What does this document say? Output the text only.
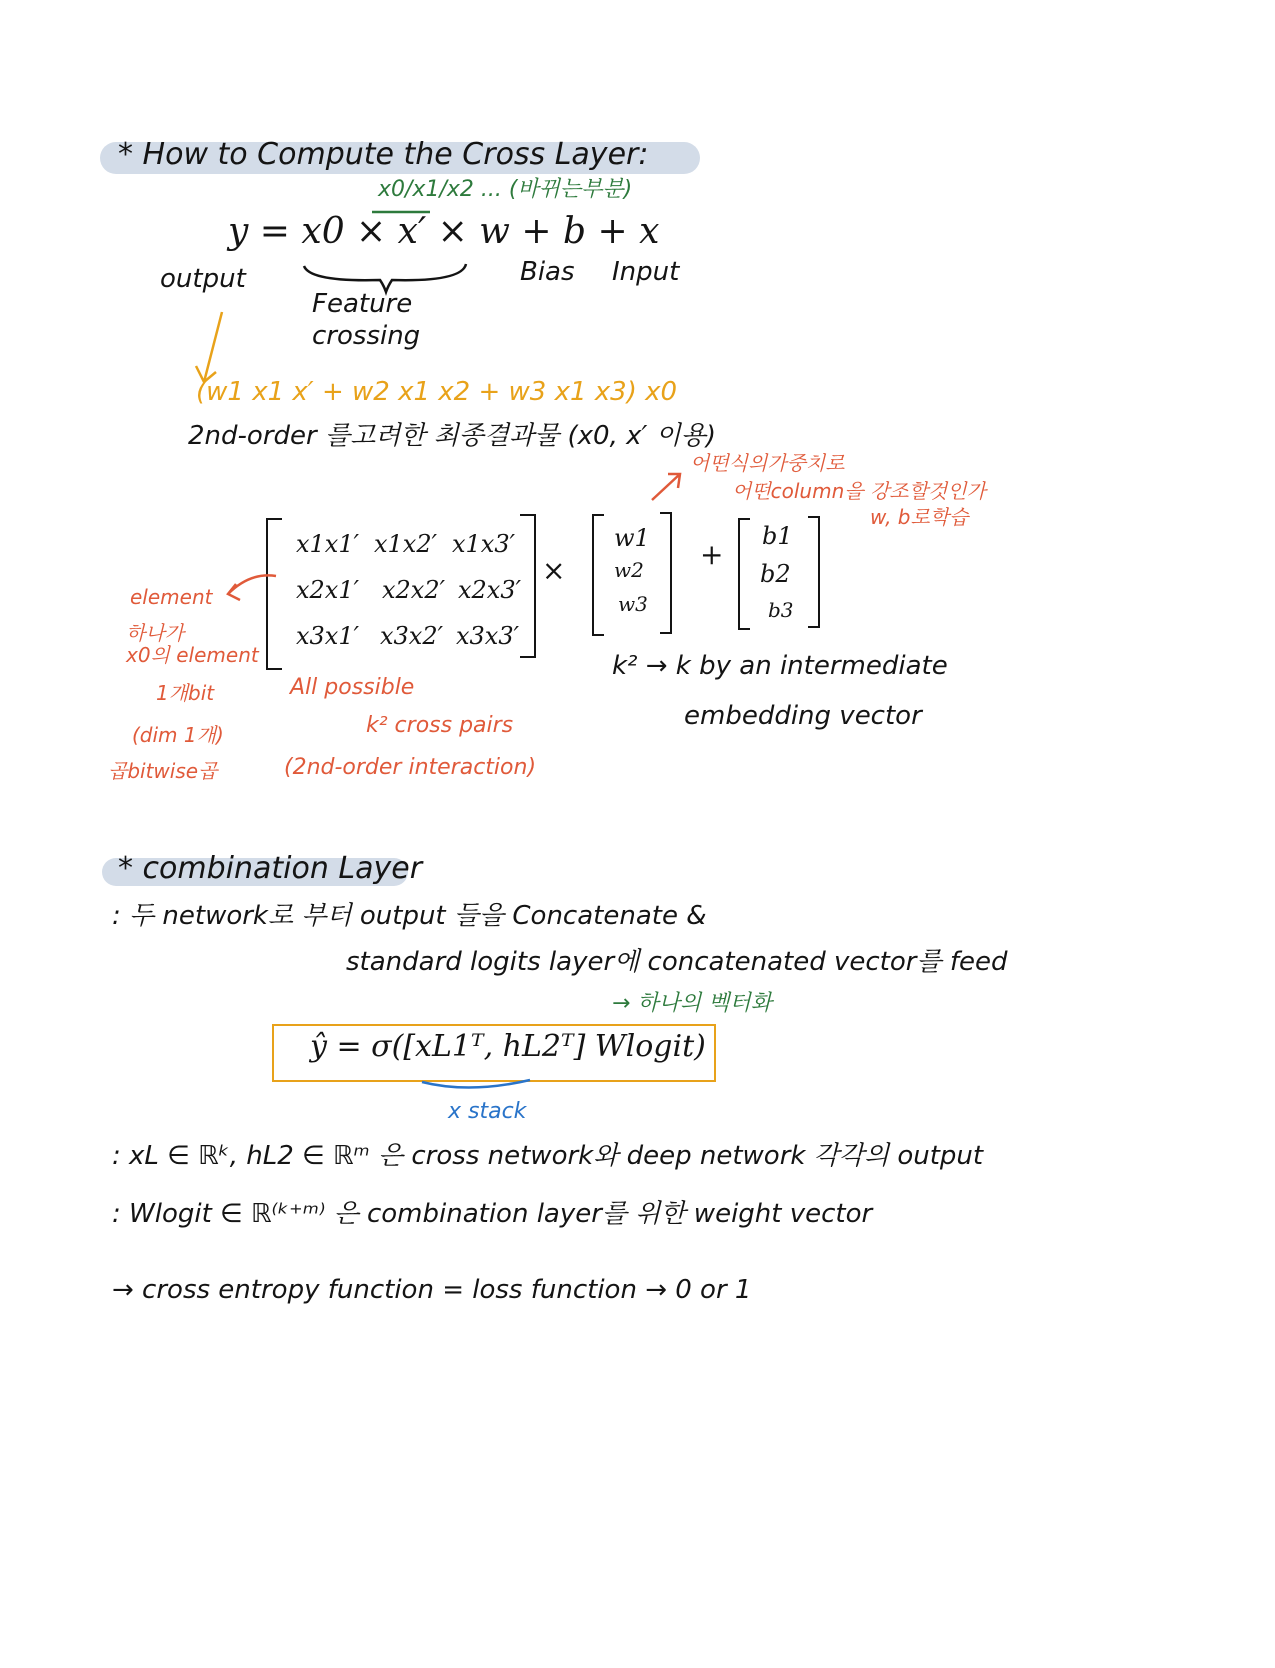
* How to Compute the Cross Layer:
x0/x1/x2 ... (바뀌는부분)
y = x0 × x′ × w + b + x
output
Feature
crossing
Bias Input
(w1 x1 x′ + w2 x1 x2 + w3 x1 x3) x0
2nd-order 를고려한 최종결과물 (x0, x′ 이용)
어떤식의가중치로
어떤column을 강조할것인가
w, b로학습
x1x1′ x1x2′ x1x3′
x2x1′ x2x2′ x2x3′
x3x1′ x3x2′ x3x3′
×
w1
w2
w3
+
b1
b2
b3
element
하나가
x0의 element
1개bit
(dim 1개)
곱bitwise곱
All possible
k² cross pairs
(2nd-order interaction)
k² → k by an intermediate
embedding vector
* combination Layer
: 두 network로 부터 output 들을 Concatenate &
standard logits layer에 concatenated vector를 feed
→ 하나의 벡터화
ŷ = σ([xL1ᵀ, hL2ᵀ] Wlogit)
x stack
: xL ∈ ℝᵏ, hL2 ∈ ℝᵐ 은 cross network와 deep network 각각의 output
: Wlogit ∈ ℝ⁽ᵏ⁺ᵐ⁾ 은 combination layer를 위한 weight vector
→ cross entropy function = loss function → 0 or 1
